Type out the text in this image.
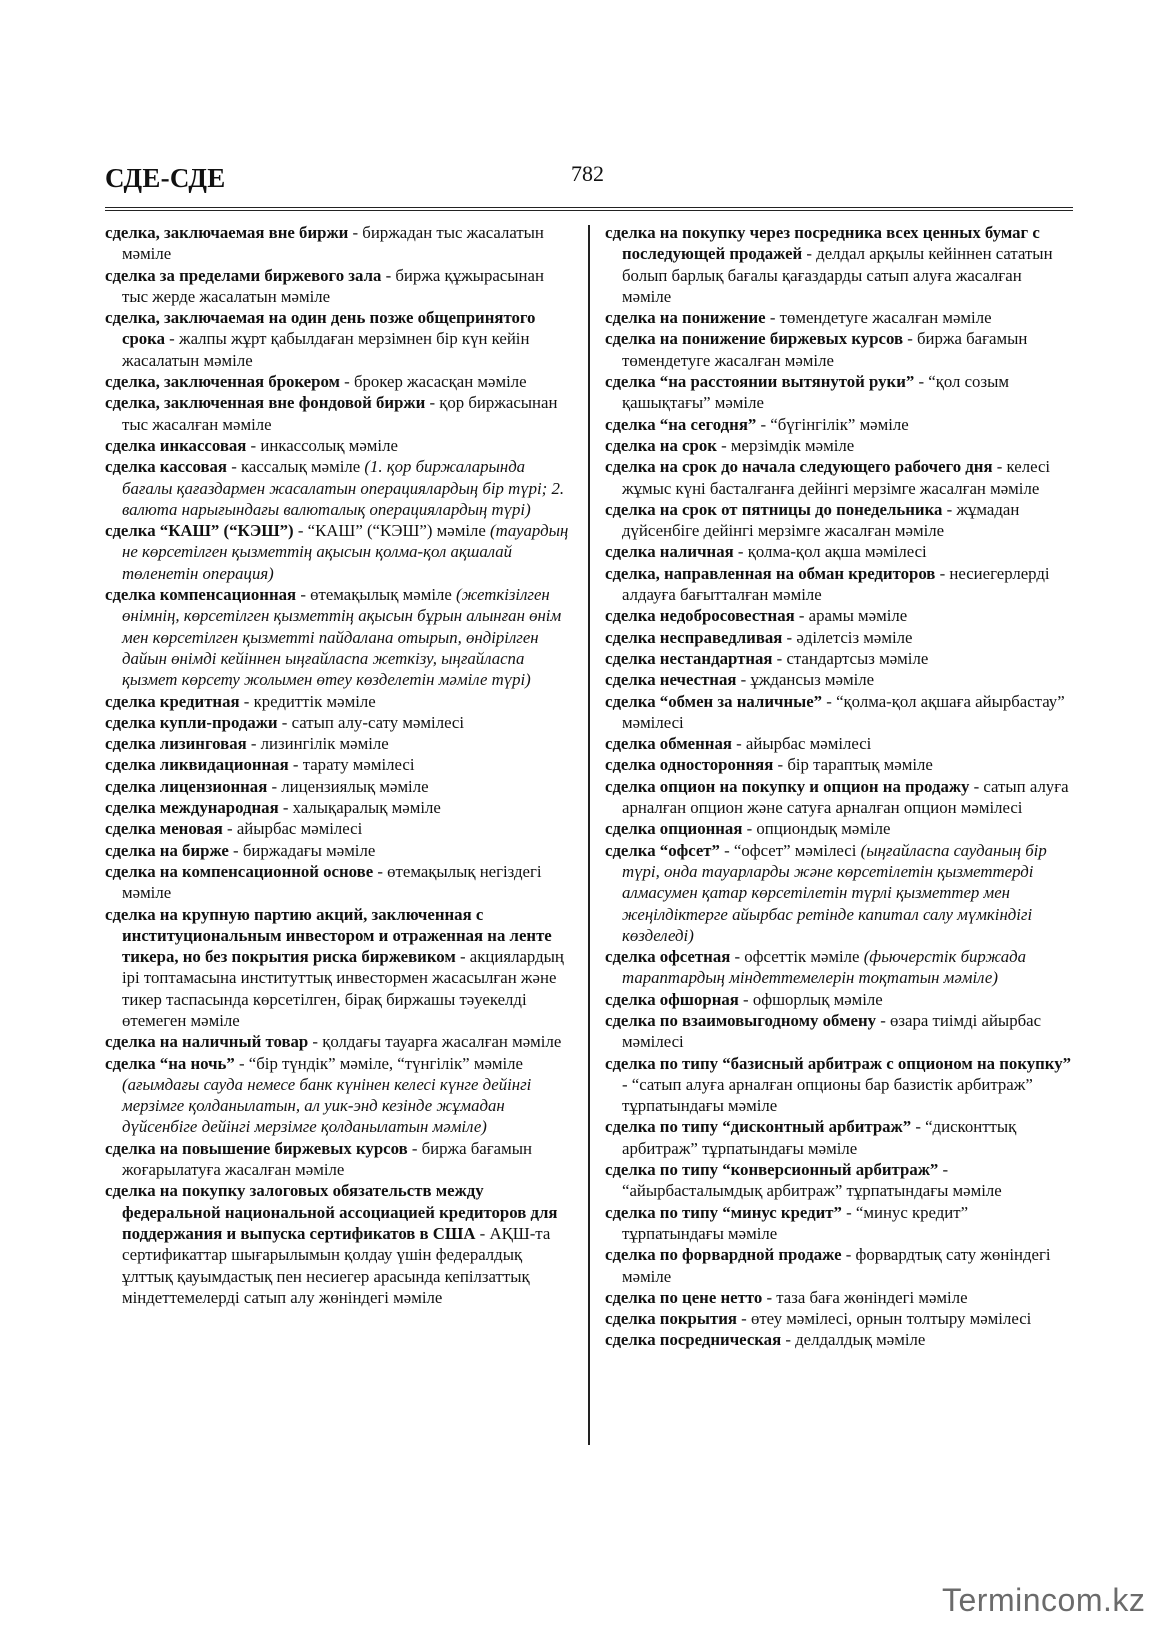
СДЕ-СДЕ	782

сделка, заключаемая вне биржи - биржадан тыс жасалатын мәміле

сделка за пределами биржевого зала - биржа құжырасынан тыс жерде жасалатын мәміле

сделка, заключаемая на один день позже общепринятого срока - жалпы жұрт қабылдаған мерзімнен бір күн кейін жасалатын мәміле

сделка, заключенная брокером - брокер жасасқан мәміле

сделка, заключенная вне фондовой биржи - қор биржасынан тыс жасалған мәміле

сделка инкассовая - инкассолық мәміле

сделка кассовая - кассалық мәміле (1. қор биржаларында бағалы қағаздармен жасалатын операциялардың бір түрі; 2. валюта нарығындағы валюталық операциялардың түрі)

сделка “КАШ” (“КЭШ”) - “КАШ” (“КЭШ”) мәміле (тауардың не көрсетілген қызметтің ақысын қолма-қол ақшалай төленетін операция)

сделка компенсационная - өтемақылық мәміле (жеткізілген өнімнің, көрсетілген қызметтің ақысын бұрын алынған өнім мен көрсетілген қызметті пайдалана отырып, өндірілген дайын өнімді кейіннен ыңғайласпа жеткізу, ыңғайласпа қызмет көрсету жолымен өтеу көзделетін мәміле түрі)

сделка кредитная - кредиттік мәміле

сделка купли-продажи - сатып алу-сату мәмілесі

сделка лизинговая - лизингілік мәміле

сделка ликвидационная - тарату мәмілесі

сделка лицензионная - лицензиялық мәміле

сделка международная - халықаралық мәміле

сделка меновая - айырбас мәмілесі

сделка на бирже - биржадағы мәміле

сделка на компенсационной основе - өтемақылық негіздегі мәміле

сделка на крупную партию акций, заключенная с институциональным инвестором и отраженная на ленте тикера, но без покрытия риска биржевиком - акциялардың ірі топтамасына институттық инвестормен жасасылған және тикер таспасында көрсетілген, бірақ биржашы тәуекелді өтемеген мәміле

сделка на наличный товар - қолдағы тауарға жасалған мәміле

сделка “на ночь” - “бір түндік” мәміле, “түнгілік” мәміле (ағымдағы сауда немесе банк күнінен келесі күнге дейінгі мерзімге қолданылатын, ал уик-энд кезінде жұмадан дүйсенбіге дейінгі мерзімге қолданылатын мәміле)

сделка на повышение биржевых курсов - биржа бағамын жоғарылатуға жасалған мәміле

сделка на покупку залоговых обязательств между федеральной национальной ассоциацией кредиторов для поддержания и выпуска сертификатов в США - АҚШ-та сертификаттар шығарылымын қолдау үшін федералдық ұлттық қауымдастық пен несиегер арасында кепілзаттық міндеттемелерді сатып алу жөніндегі мәміле

сделка на покупку через посредника всех ценных бумаг с последующей продажей - делдал арқылы кейіннен сататын болып барлық бағалы қағаздарды сатып алуға жасалған мәміле

сделка на понижение - төмендетуге жасалған мәміле

сделка на понижение биржевых курсов - биржа бағамын төмендетуге жасалған мәміле

сделка “на расстоянии вытянутой руки” - “қол созым қашықтағы” мәміле

сделка “на сегодня” - “бүгінгілік” мәміле

сделка на срок - мерзімдік мәміле

сделка на срок до начала следующего рабочего дня - келесі жұмыс күні басталғанға дейінгі мерзімге жасалған мәміле

сделка на срок от пятницы до понедельника - жұмадан дүйсенбіге дейінгі мерзімге жасалған мәміле

сделка наличная - қолма-қол ақша мәмілесі

сделка, направленная на обман кредиторов - несиегерлерді алдауға бағытталған мәміле

сделка недобросовестная - арамы мәміле

сделка несправедливая - әділетсіз мәміле

сделка нестандартная - стандартсыз мәміле

сделка нечестная - ұждансыз мәміле

сделка “обмен за наличные” - “қолма-қол ақшаға айырбастау” мәмілесі

сделка обменная - айырбас мәмілесі

сделка односторонняя - бір тараптық мәміле

сделка опцион на покупку и опцион на продажу - сатып алуға арналған опцион және сатуға арналған опцион мәмілесі

сделка опционная - опциондық мәміле

сделка “офсет” - “офсет” мәмілесі (ыңғайласпа сауданың бір түрі, онда тауарларды және көрсетілетін қызметтерді алмасумен қатар көрсетілетін түрлі қызметтер мен жеңілдіктерге айырбас ретінде капитал салу мүмкіндігі көзделеді)

сделка офсетная - офсеттік мәміле (фьючерстік биржада тараптардың міндеттемелерін тоқтатын мәміле)

сделка офшорная - офшорлық мәміле

сделка по взаимовыгодному обмену - өзара тиімді айырбас мәмілесі

сделка по типу “базисный арбитраж с опционом на покупку” - “сатып алуға арналған опционы бар базистік арбитраж” тұрпатындағы мәміле

сделка по типу “дисконтный арбитраж” - “дисконттық арбитраж” тұрпатындағы мәміле

сделка по типу “конверсионный арбитраж” - “айырбасталымдық арбитраж” тұрпатындағы мәміле

сделка по типу “минус кредит” - “минус кредит” тұрпатындағы мәміле

сделка по форвардной продаже - форвардтық сату жөніндегі мәміле

сделка по цене нетто - таза баға жөніндегі мәміле

сделка покрытия - өтеу мәмілесі, орнын толтыру мәмілесі

сделка посредническая - делдалдық мәміле

Termincom.kz
